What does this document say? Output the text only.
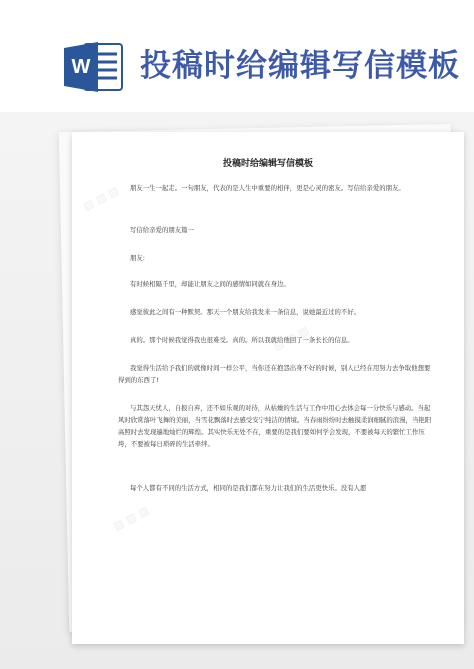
W 投稿时给编辑写信模板
▨ ▨ ▨
▨ ▨ ▨
▨ ▨ ▨
投稿时给编辑写信模板
朋友一生一起走。一句朋友，代表的是人生中重要的相伴，更是心灵的密友。写信给亲爱的朋友。
写信给亲爱的朋友篇一
朋友:
有时候相隔千里，却能让朋友之间的感情如同就在身边。
感觉彼此之间有一种默契。那天一个朋友给我发来一条信息，说她最近过的不好。
真的。那个时候我觉得我也很难受。真的。所以我就给他回了一条长长的信息。
我觉得生活给予我们的就像时间一样公平，当你还在抱怨出身不好的时候，别人已经在用努力去争取他想要得到的东西了!
与其怨天忧人，自报自弃，还不如乐观的对待，从枯燥的生活与工作中用心去体会每一分快乐与感动。当起风时欣赏落叶飞舞的美丽，当雪花飘落时去感受安宁纯洁的情境。当春雨纷纷时去触摸柔润细腻的浪漫，当艳阳高照时去发现遍地灿烂的辉煌。其实快乐无处不在，重要的是我们要如何学会发现，不要被每天的繁忙工作压垮，不要被每日琐碎的生活牵绊。
每个人都有不同的生活方式，相同的是我们都在努力让我们的生活更快乐。没有人愿
